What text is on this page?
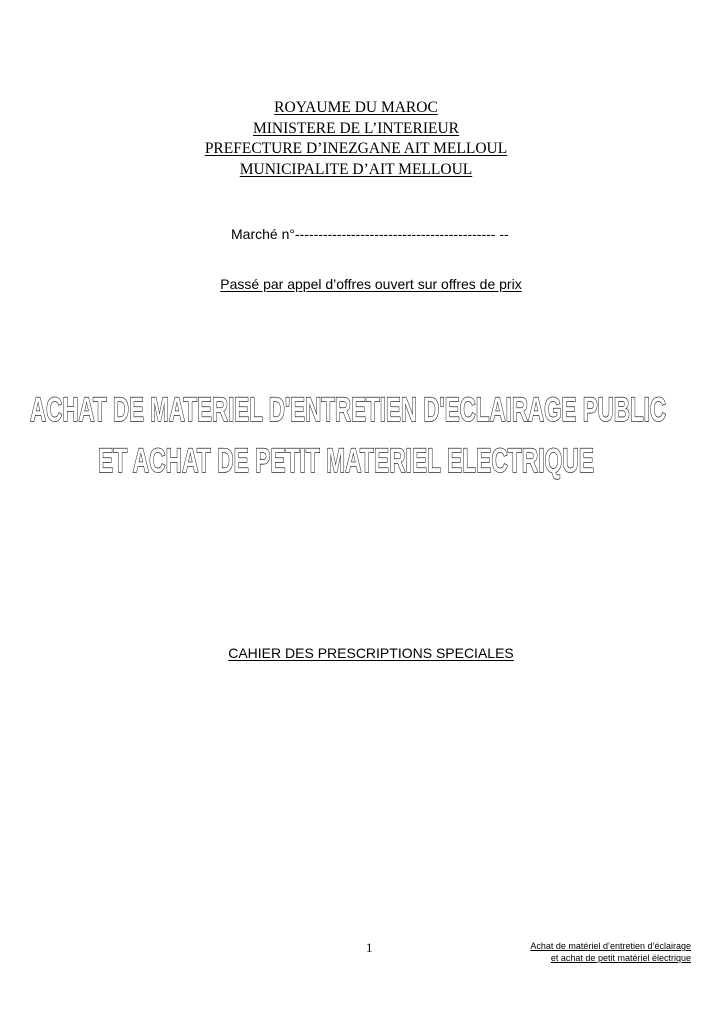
ROYAUME DU MAROC
MINISTERE DE L’INTERIEUR
PREFECTURE D’INEZGANE AIT MELLOUL
MUNICIPALITE D’AIT MELLOUL
Marché n°------------------------------------------- --
Passé par appel d’offres ouvert sur offres de prix
ACHAT DE MATERIEL D'ENTRETIEN D'ECLAIRAGE PUBLIC
ET ACHAT DE PETIT MATERIEL ELECTRIQUE
CAHIER DES PRESCRIPTIONS SPECIALES
1	Achat de matériel d’entretien d’éclairage
et achat de petit matériel électrique
